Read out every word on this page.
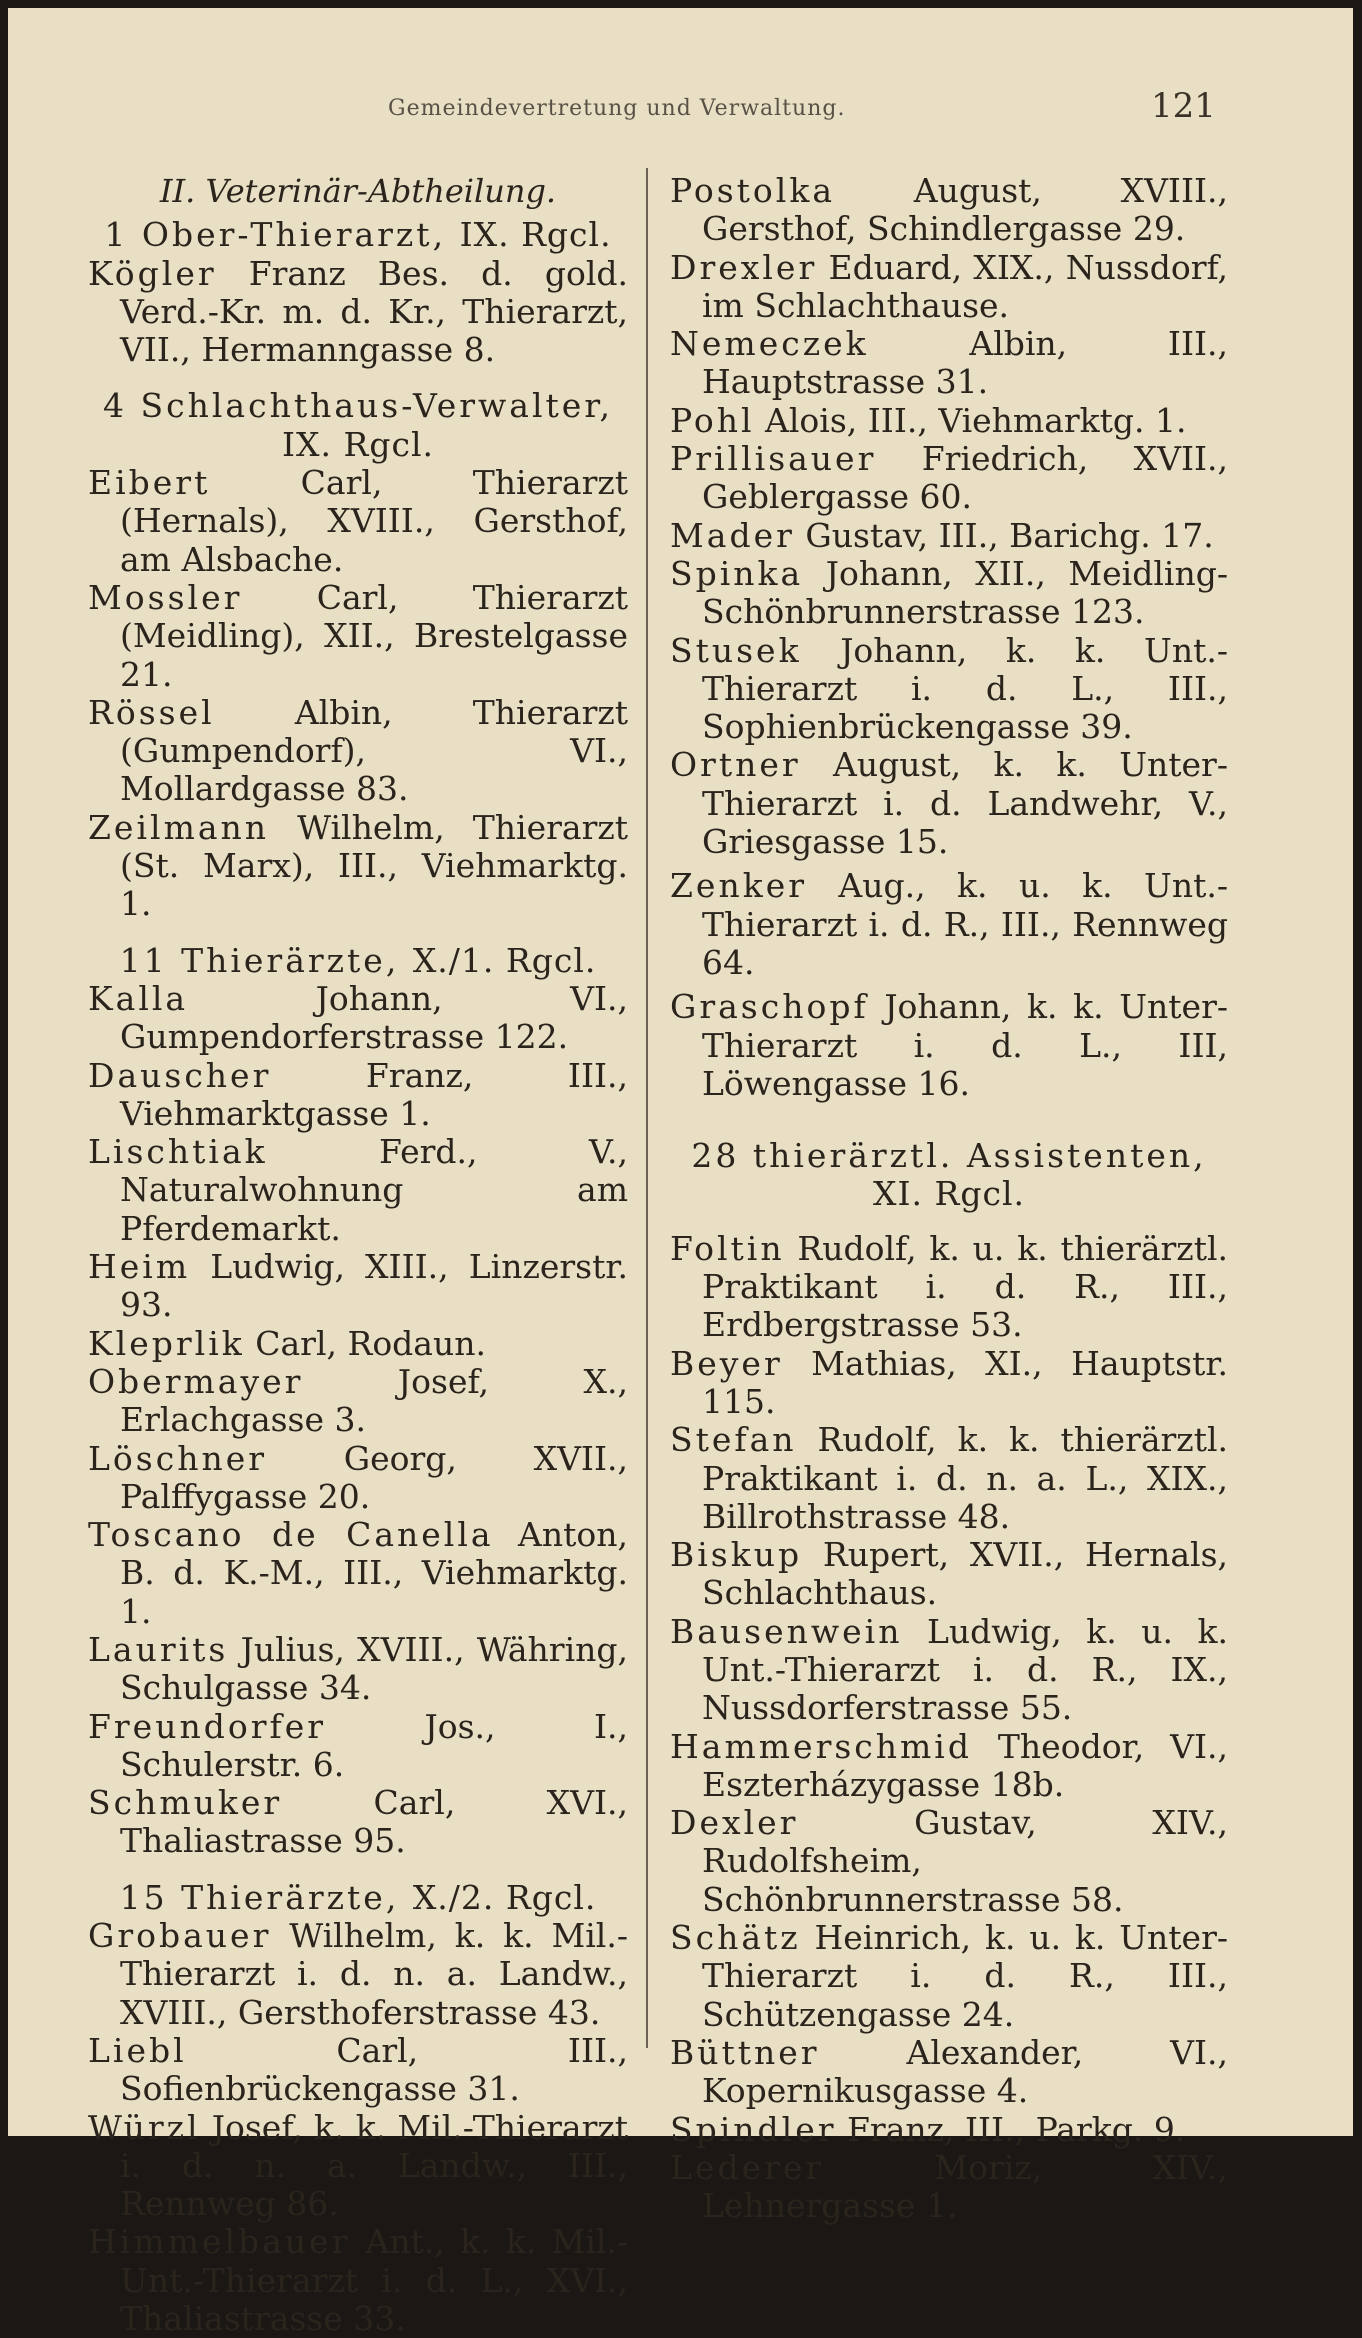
Gemeindevertretung und Verwaltung.	121
II. Veterinär-Abtheilung.
1 Ober-Thierarzt, IX. Rgcl.
Kögler Franz Bes. d. gold. Verd.-Kr. m. d. Kr., Thierarzt, VII., Hermanngasse 8.
4 Schlachthaus-Verwalter, IX. Rgcl.
Eibert Carl, Thierarzt (Hernals), XVIII., Gersthof, am Alsbache.
Mossler Carl, Thierarzt (Meidling), XII., Brestelgasse 21.
Rössel Albin, Thierarzt (Gumpendorf), VI., Mollardgasse 83.
Zeilmann Wilhelm, Thierarzt (St. Marx), III., Viehmarktg. 1.
11 Thierärzte, X./1. Rgcl.
Kalla Johann, VI., Gumpendorferstrasse 122.
Dauscher Franz, III., Viehmarktgasse 1.
Lischtiak Ferd., V., Naturalwohnung am Pferdemarkt.
Heim Ludwig, XIII., Linzerstr. 93.
Kleprlik Carl, Rodaun.
Obermayer Josef, X., Erlachgasse 3.
Löschner Georg, XVII., Palffygasse 20.
Toscano de Canella Anton, B. d. K.-M., III., Viehmarktg. 1.
Laurits Julius, XVIII., Währing, Schulgasse 34.
Freundorfer Jos., I., Schulerstr. 6.
Schmuker Carl, XVI., Thaliastrasse 95.
15 Thierärzte, X./2. Rgcl.
Grobauer Wilhelm, k. k. Mil.-Thierarzt i. d. n. a. Landw., XVIII., Gersthoferstrasse 43.
Liebl Carl, III., Sofienbrückengasse 31.
Würzl Josef, k. k. Mil.-Thierarzt i. d. n. a. Landw., III., Rennweg 86.
Himmelbauer Ant., k. k. Mil.-Unt.-Thierarzt i. d. L., XVI., Thaliastrasse 33.
Postolka August, XVIII., Gersthof, Schindlergasse 29.
Drexler Eduard, XIX., Nussdorf, im Schlachthause.
Nemeczek Albin, III., Hauptstrasse 31.
Pohl Alois, III., Viehmarktg. 1.
Prillisauer Friedrich, XVII., Geblergasse 60.
Mader Gustav, III., Barichg. 17.
Spinka Johann, XII., Meidling-Schönbrunnerstrasse 123.
Stusek Johann, k. k. Unt.-Thierarzt i. d. L., III., Sophienbrückengasse 39.
Ortner August, k. k. Unter-Thierarzt i. d. Landwehr, V., Griesgasse 15.
Zenker Aug., k. u. k. Unt.-Thierarzt i. d. R., III., Rennweg 64.
Graschopf Johann, k. k. Unter-Thierarzt i. d. L., III, Löwengasse 16.
28 thierärztl. Assistenten, XI. Rgcl.
Foltin Rudolf, k. u. k. thierärztl. Praktikant i. d. R., III., Erdbergstrasse 53.
Beyer Mathias, XI., Hauptstr. 115.
Stefan Rudolf, k. k. thierärztl. Praktikant i. d. n. a. L., XIX., Billrothstrasse 48.
Biskup Rupert, XVII., Hernals, Schlachthaus.
Bausenwein Ludwig, k. u. k. Unt.-Thierarzt i. d. R., IX., Nussdorferstrasse 55.
Hammerschmid Theodor, VI., Eszterházygasse 18b.
Dexler Gustav, XIV., Rudolfsheim, Schönbrunnerstrasse 58.
Schätz Heinrich, k. u. k. Unter-Thierarzt i. d. R., III., Schützengasse 24.
Büttner Alexander, VI., Kopernikusgasse 4.
Spindler Franz, III., Parkg. 9.
Lederer Moriz, XIV., Lehnergasse 1.
